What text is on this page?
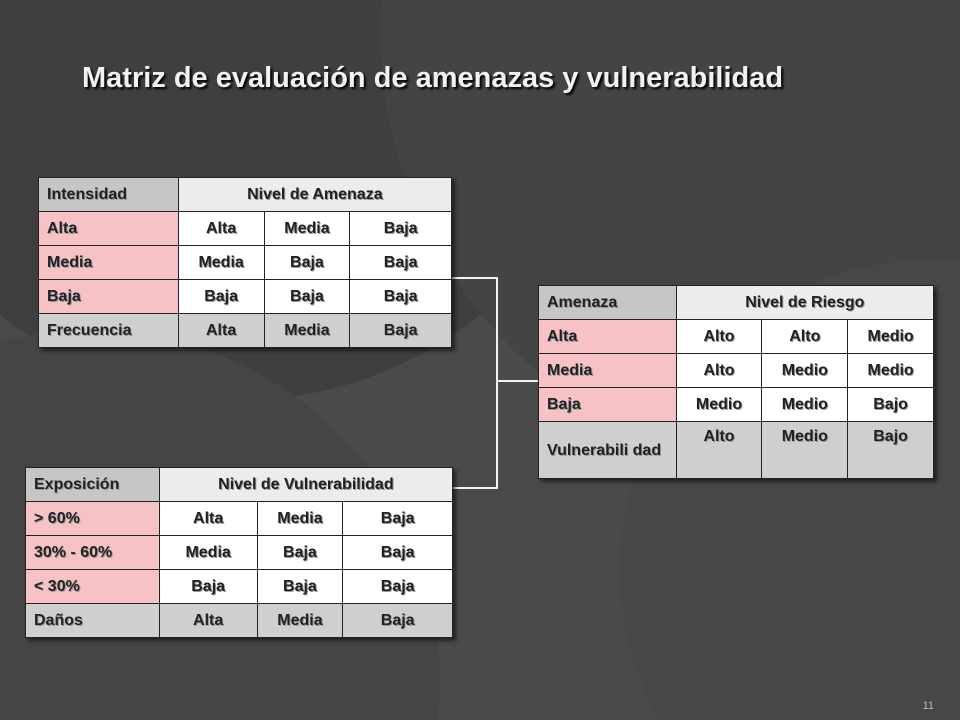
Matriz de evaluación de amenazas y vulnerabilidad
Intensidad	Nivel de Amenaza		
Alta	Alta	Media	Baja
Media	Media	Baja	Baja
Baja	Baja	Baja	Baja
Frecuencia	Alta	Media	Baja
Exposición	Nivel de Vulnerabilidad		
> 60%	Alta	Media	Baja
30% - 60%	Media	Baja	Baja
< 30%	Baja	Baja	Baja
Daños	Alta	Media	Baja
Amenaza	Nivel de Riesgo		
Alta	Alto	Alto	Medio
Media	Alto	Medio	Medio
Baja	Medio	Medio	Bajo
Vulnerabili dad	Alto	Medio	Bajo
11
